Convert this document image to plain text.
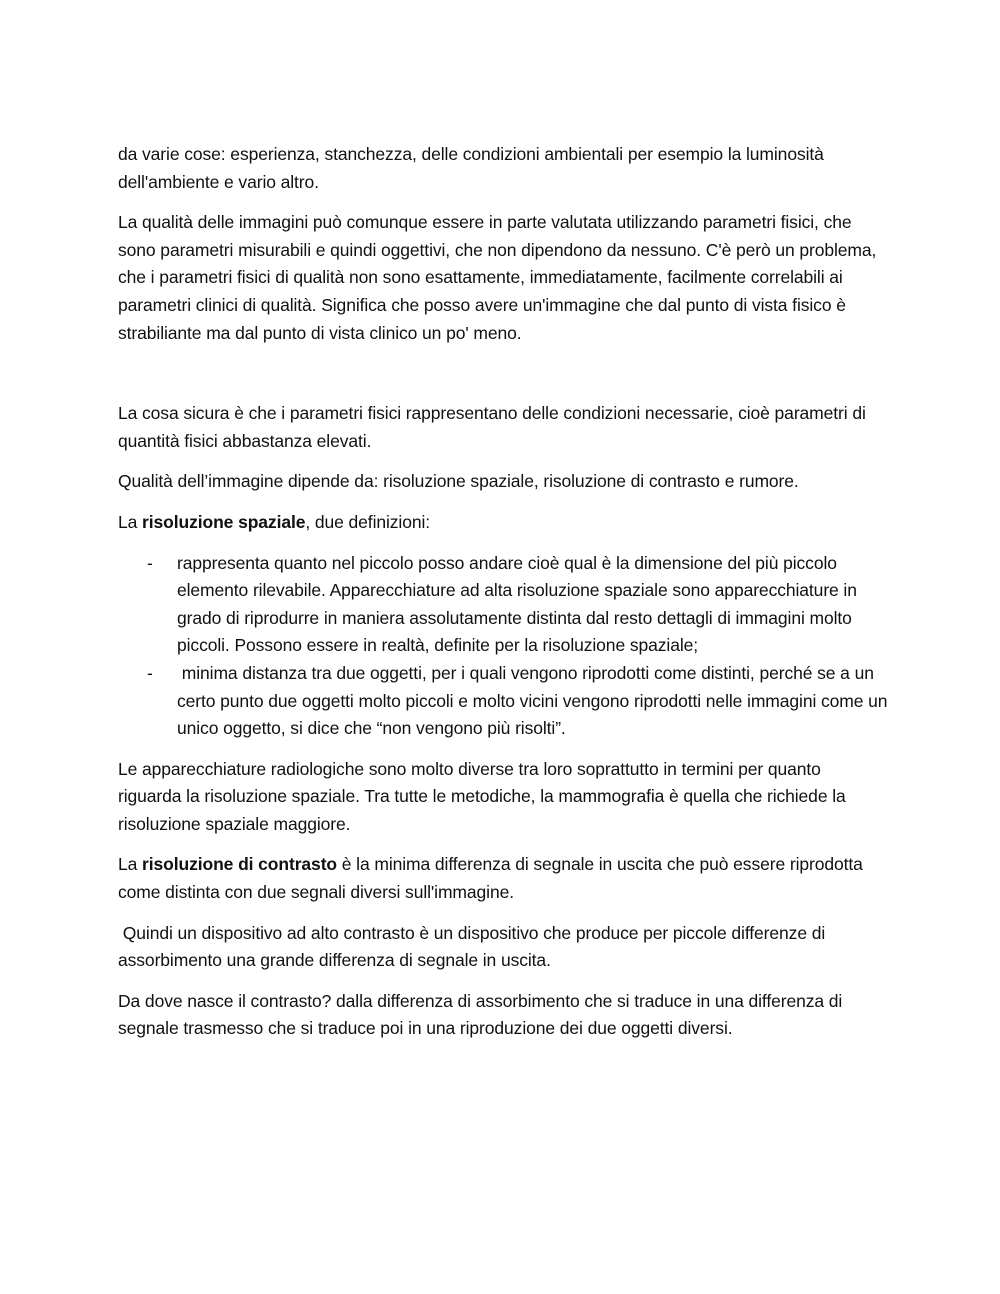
da varie cose: esperienza, stanchezza, delle condizioni ambientali per esempio la luminosità dell'ambiente e vario altro.

La qualità delle immagini può comunque essere in parte valutata utilizzando parametri fisici, che sono parametri misurabili e quindi oggettivi, che non dipendono da nessuno. C'è però un problema, che i parametri fisici di qualità non sono esattamente, immediatamente, facilmente correlabili ai parametri clinici di qualità. Significa che posso avere un'immagine che dal punto di vista fisico è strabiliante ma dal punto di vista clinico un po' meno.

La cosa sicura è che i parametri fisici rappresentano delle condizioni necessarie, cioè parametri di quantità fisici abbastanza elevati.

Qualità dell’immagine dipende da: risoluzione spaziale, risoluzione di contrasto e rumore.

La risoluzione spaziale, due definizioni:

- rappresenta quanto nel piccolo posso andare cioè qual è la dimensione del più piccolo elemento rilevabile. Apparecchiature ad alta risoluzione spaziale sono apparecchiature in grado di riprodurre in maniera assolutamente distinta dal resto dettagli di immagini molto piccoli. Possono essere in realtà, definite per la risoluzione spaziale;
- minima distanza tra due oggetti, per i quali vengono riprodotti come distinti, perché se a un certo punto due oggetti molto piccoli e molto vicini vengono riprodotti nelle immagini come un unico oggetto, si dice che “non vengono più risolti”.

Le apparecchiature radiologiche sono molto diverse tra loro soprattutto in termini per quanto riguarda la risoluzione spaziale. Tra tutte le metodiche, la mammografia è quella che richiede la risoluzione spaziale maggiore.

La risoluzione di contrasto è la minima differenza di segnale in uscita che può essere riprodotta come distinta con due segnali diversi sull'immagine.

Quindi un dispositivo ad alto contrasto è un dispositivo che produce per piccole differenze di assorbimento una grande differenza di segnale in uscita.

Da dove nasce il contrasto? dalla differenza di assorbimento che si traduce in una differenza di segnale trasmesso che si traduce poi in una riproduzione dei due oggetti diversi.
